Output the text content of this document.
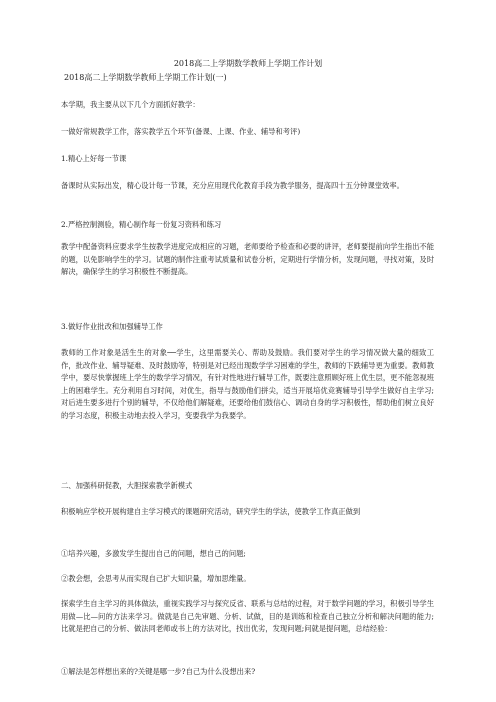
2018高二上学期数学教师上学期工作计划
2018高二上学期数学教师上学期工作计划(一)

本学期，我主要从以下几个方面抓好教学：

一做好常规教学工作，落实教学五个环节(备课、上课、作业、辅导和考评)

1.精心上好每一节课

备课时从实际出发，精心设计每一节课，充分应用现代化教育手段为教学服务，提高四十五分钟课堂效率。

2.严格控制测验，精心制作每一份复习资料和练习

教学中配备资料应要求学生按教学进度完成相应的习题，老师要给予检查和必要的讲评，老师要提前向学生指出不能的题，以免影响学生的学习。试题的制作注重考试质量和试卷分析，定期进行学情分析，发现问题，寻找对策，及时解决，确保学生的学习积极性不断提高。

3.做好作业批改和加强辅导工作

教师的工作对象是活生生的对象──学生，这里需要关心、帮助及鼓励。我们要对学生的学习情况做大量的细致工作，批改作业、辅导疑难、及时鼓励等，特别是对已经出现数学学习困难的学生，教师的下跌辅导更为重要。教师教学中，要尽快掌握班上学生的数学学习情况，有针对性地进行辅导工作，既要注意照顾好班上优生层，更不能忽视班上的困难学生。充分利用自习时间，对优生，指导与鼓励他们拼尖，适当开展培优竞赛辅导引导学生做好自主学习;对后进生要多进行个别的辅导，不仅给他们解疑难，还要给他们鼓信心、调动自身的学习积极性，帮助他们树立良好的学习态度，积极主动地去投入学习，变要我学为我要学。

二、加强科研促教，大胆探索教学新模式

积极响应学校开展构建自主学习模式的课题研究活动，研究学生的学法，使教学工作真正做到

①培养兴趣，多激发学生提出自己的问题，想自己的问题;

②教会想，会思考从而实现自己扩大知识量，增加思维量。

探索学生自主学习的具体做法，重视实践学习与探究反省、联系与总结的过程，对于数学问题的学习，积极引导学生用做—比—问的方法来学习。做就是自己先审题、分析、试做，目的是训练和检查自己独立分析和解决问题的能力;比就是把自己的分析、做法同老师或书上的方法对比，找出优劣，发现问题;问就是提问题，总结经验：

①解法是怎样想出来的?关键是哪一步?自己为什么没想出来?
